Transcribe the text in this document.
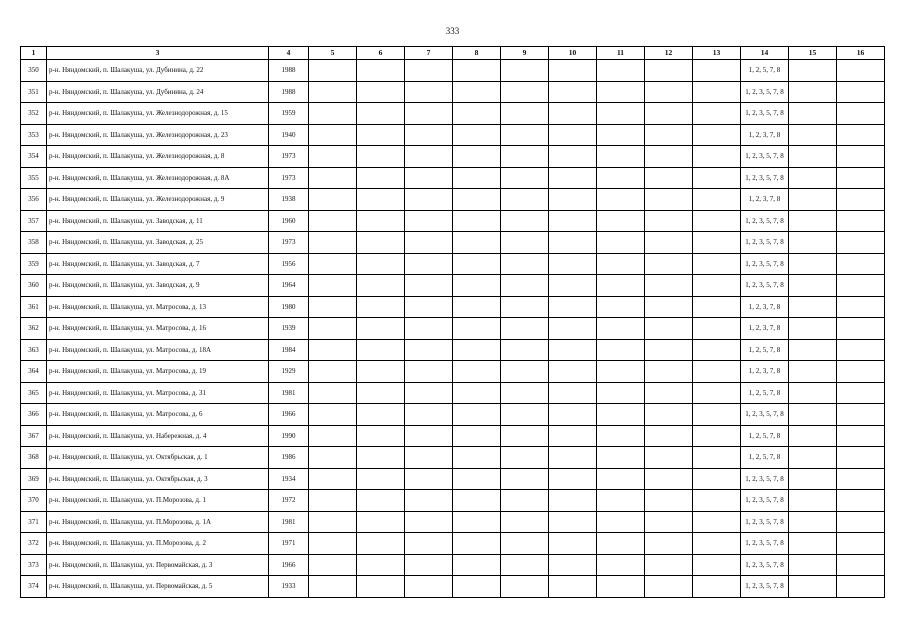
333
1	3	4	5	6	7	8	9	10	11	12	13	14	15	16
350	р-н. Няндомский, п. Шалакуша, ул. Дубинина, д. 22	1988										1, 2, 5, 7, 8		
351	р-н. Няндомский, п. Шалакуша, ул. Дубинина, д. 24	1988										1, 2, 3, 5, 7, 8		
352	р-н. Няндомский, п. Шалакуша, ул. Железнодорожная, д. 15	1959										1, 2, 3, 5, 7, 8		
353	р-н. Няндомский, п. Шалакуша, ул. Железнодорожная, д. 23	1940										1, 2, 3, 7, 8		
354	р-н. Няндомский, п. Шалакуша, ул. Железнодорожная, д. 8	1973										1, 2, 3, 5, 7, 8		
355	р-н. Няндомский, п. Шалакуша, ул. Железнодорожная, д. 8А	1973										1, 2, 3, 5, 7, 8		
356	р-н. Няндомский, п. Шалакуша, ул. Железнодорожная, д. 9	1938										1, 2, 3, 7, 8		
357	р-н. Няндомский, п. Шалакуша, ул. Заводская, д. 11	1960										1, 2, 3, 5, 7, 8		
358	р-н. Няндомский, п. Шалакуша, ул. Заводская, д. 25	1973										1, 2, 3, 5, 7, 8		
359	р-н. Няндомский, п. Шалакуша, ул. Заводская, д. 7	1956										1, 2, 3, 5, 7, 8		
360	р-н. Няндомский, п. Шалакуша, ул. Заводская, д. 9	1964										1, 2, 3, 5, 7, 8		
361	р-н. Няндомский, п. Шалакуша, ул. Матросова, д. 13	1980										1, 2, 3, 7, 8		
362	р-н. Няндомский, п. Шалакуша, ул. Матросова, д. 16	1939										1, 2, 3, 7, 8		
363	р-н. Няндомский, п. Шалакуша, ул. Матросова, д. 18А	1984										1, 2, 5, 7, 8		
364	р-н. Няндомский, п. Шалакуша, ул. Матросова, д. 19	1929										1, 2, 3, 7, 8		
365	р-н. Няндомский, п. Шалакуша, ул. Матросова, д. 31	1981										1, 2, 5, 7, 8		
366	р-н. Няндомский, п. Шалакуша, ул. Матросова, д. 6	1966										1, 2, 3, 5, 7, 8		
367	р-н. Няндомский, п. Шалакуша, ул. Набережная, д. 4	1990										1, 2, 5, 7, 8		
368	р-н. Няндомский, п. Шалакуша, ул. Октябрьская, д. 1	1986										1, 2, 5, 7, 8		
369	р-н. Няндомский, п. Шалакуша, ул. Октябрьская, д. 3	1934										1, 2, 3, 5, 7, 8		
370	р-н. Няндомский, п. Шалакуша, ул. П.Морозова, д. 1	1972										1, 2, 3, 5, 7, 8		
371	р-н. Няндомский, п. Шалакуша, ул. П.Морозова, д. 1А	1981										1, 2, 3, 5, 7, 8		
372	р-н. Няндомский, п. Шалакуша, ул. П.Морозова, д. 2	1971										1, 2, 3, 5, 7, 8		
373	р-н. Няндомский, п. Шалакуша, ул. Первомайская, д. 3	1966										1, 2, 3, 5, 7, 8		
374	р-н. Няндомский, п. Шалакуша, ул. Первомайская, д. 5	1933										1, 2, 3, 5, 7, 8		
